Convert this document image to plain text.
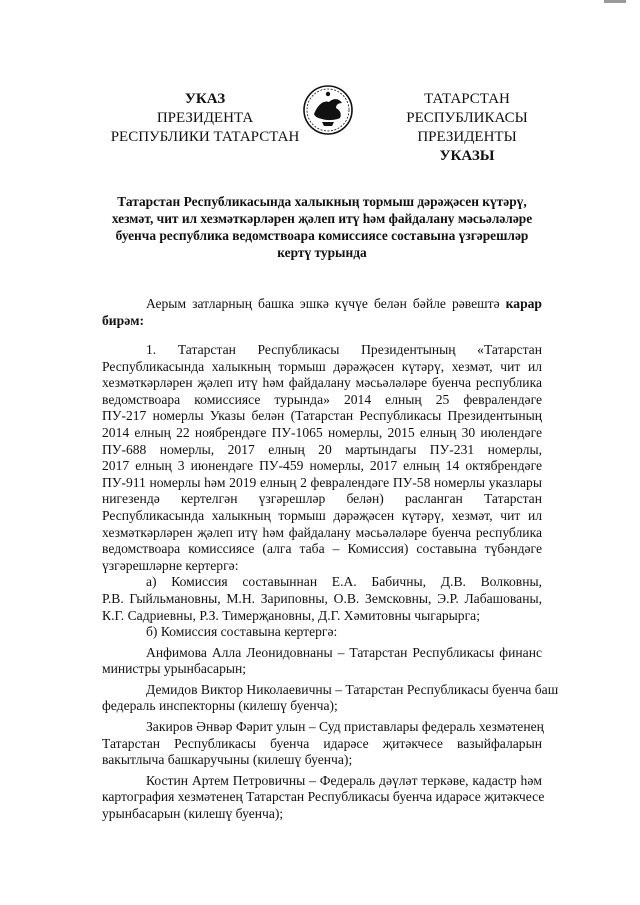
УКАЗ
ПРЕЗИДЕНТА
РЕСПУБЛИКИ ТАТАРСТАН
ТАТАРСТАН РЕСПУБЛИКАСЫ
ПРЕЗИДЕНТЫ
УКАЗЫ
Татарстан Республикасында халыкның тормыш дәрәҗәсен күтәрү,
хезмәт, чит ил хезмәткәрләрен җәлеп итү һәм файдалану мәсьәләләре
буенча республика ведомствоара комиссиясе составына үзгәрешләр
кертү турында
Аерым затларның башка эшкә күчүе белән бәйле рәвештә карар
бирәм:
1. Татарстан Республикасы Президентының «Татарстан
Республикасында халыкның тормыш дәрәҗәсен күтәрү, хезмәт, чит ил
хезмәткәрләрен җәлеп итү һәм файдалану мәсьәләләре буенча республика
ведомствоара комиссиясе турында» 2014 елның 25 февралендәге
ПУ-217 номерлы Указы белән (Татарстан Республикасы Президентының
2014 елның 22 ноябрендәге ПУ-1065 номерлы, 2015 елның 30 июлендәге
ПУ-688 номерлы, 2017 елның 20 мартындагы ПУ-231 номерлы,
2017 елның 3 июнендәге ПУ-459 номерлы, 2017 елның 14 октябрендәге
ПУ-911 номерлы һәм 2019 елның 2 февралендәге ПУ-58 номерлы указлары
нигезендә кертелгән үзгәрешләр белән) расланган Татарстан
Республикасында халыкның тормыш дәрәҗәсен күтәрү, хезмәт, чит ил
хезмәткәрләрен җәлеп итү һәм файдалану мәсьәләләре буенча республика
ведомствоара комиссиясе (алга таба – Комиссия) составына түбәндәге
үзгәрешләрне кертергә:
а) Комиссия составыннан Е.А. Бабичны, Д.В. Волковны,
Р.В. Гыйльмановны, М.Н. Зариповны, О.В. Земсковны, Э.Р. Лабашованы,
К.Г. Садриевны, Р.З. Тимерҗановны, Д.Г. Хәмитовны чыгарырга;
б) Комиссия составына кертергә:
Анфимова Алла Леонидовнаны – Татарстан Республикасы финанс
министры урынбасарын;
Демидов Виктор Николаевичны – Татарстан Республикасы буенча баш
федераль инспекторны (килешү буенча);
Закиров Әнвәр Фәрит улын – Суд приставлары федераль хезмәтенең
Татарстан Республикасы буенча идарәсе җитәкчесе вазыйфаларын
вакытлыча башкаручыны (килешү буенча);
Костин Артем Петровичны – Федераль дәүләт теркәве, кадастр һәм
картография хезмәтенең Татарстан Республикасы буенча идарәсе җитәкчесе
урынбасарын (килешү буенча);
